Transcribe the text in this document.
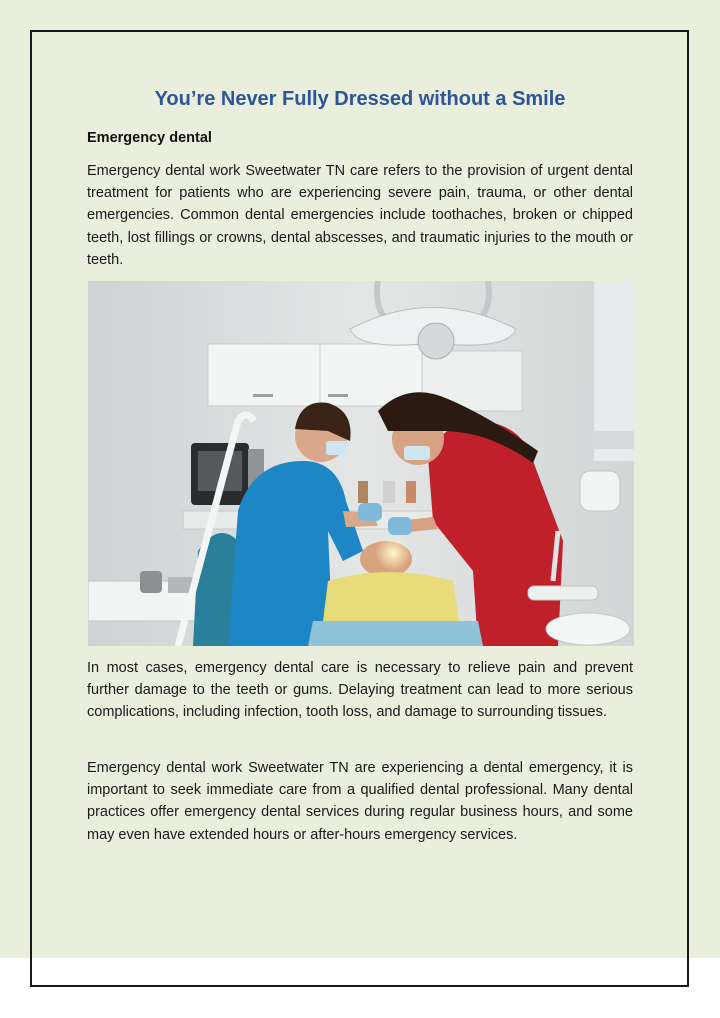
You’re Never Fully Dressed without a Smile

Emergency dental

Emergency dental work Sweetwater TN care refers to the provision of urgent dental treatment for patients who are experiencing severe pain, trauma, or other dental emergencies. Common dental emergencies include toothaches, broken or chipped teeth, lost fillings or crowns, dental abscesses, and traumatic injuries to the mouth or teeth.

In most cases, emergency dental care is necessary to relieve pain and prevent further damage to the teeth or gums. Delaying treatment can lead to more serious complications, including infection, tooth loss, and damage to surrounding tissues.

Emergency dental work Sweetwater TN are experiencing a dental emergency, it is important to seek immediate care from a qualified dental professional. Many dental practices offer emergency dental services during regular business hours, and some may even have extended hours or after-hours emergency services.
